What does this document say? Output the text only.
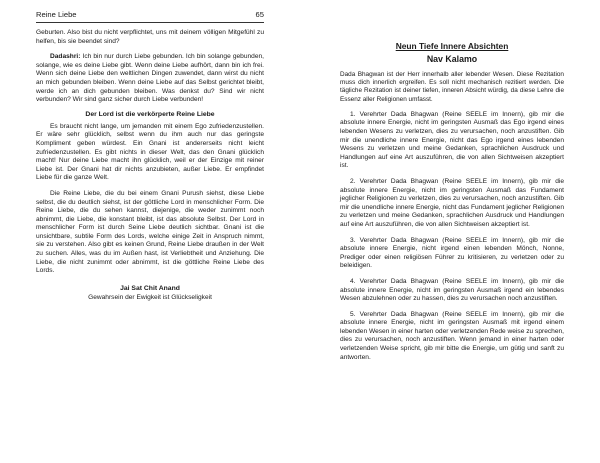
Reine Liebe	65

Geburten. Also bist du nicht verpflichtet, uns mit deinem völligen Mitgefühl zu helfen, bis sie beendet sind?

Dadashri: Ich bin nur durch Liebe gebunden. Ich bin solange gebunden, solange, wie es deine Liebe gibt. Wenn deine Liebe aufhört, dann bin ich frei. Wenn sich deine Liebe den weltlichen Dingen zuwendet, dann wirst du nicht an mich gebunden bleiben. Wenn deine Liebe auf das Selbst gerichtet bleibt, werde ich an dich gebunden bleiben. Was denkst du? Sind wir nicht verbunden? Wir sind ganz sicher durch Liebe verbunden!

Der Lord ist die verkörperte Reine Liebe

Es braucht nicht lange, um jemanden mit einem Ego zufriedenzustellen. Er wäre sehr glücklich, selbst wenn du ihm auch nur das geringste Kompliment geben würdest. Ein Gnani ist andererseits nicht leicht zufriedenzustellen. Es gibt nichts in dieser Welt, das den Gnani glücklich macht! Nur deine Liebe macht ihn glücklich, weil er der Einzige mit reiner Liebe ist. Der Gnani hat dir nichts anzubieten, außer Liebe. Er empfindet Liebe für die ganze Welt.

Die Reine Liebe, die du bei einem Gnani Purush siehst, diese Liebe selbst, die du deutlich siehst, ist der göttliche Lord in menschlicher Form. Die Reine Liebe, die du sehen kannst, diejenige, die weder zunimmt noch abnimmt, die Liebe, die konstant bleibt, ist das absolute Selbst. Der Lord in menschlicher Form ist durch Seine Liebe deutlich sichtbar. Gnani ist die unsichtbare, subtile Form des Lords, welche einige Zeit in Anspruch nimmt, sie zu verstehen. Also gibt es keinen Grund, Reine Liebe draußen in der Welt zu suchen. Alles, was du im Außen hast, ist Verliebtheit und Anziehung. Die Liebe, die nicht zunimmt oder abnimmt, ist die göttliche Reine Liebe des Lords.

Jai Sat Chit Anand
Gewahrsein der Ewigkeit ist Glückseligkeit
Neun Tiefe Innere Absichten
Nav Kalamo

Dada Bhagwan ist der Herr innerhalb aller lebender Wesen. Diese Rezitation muss dich innerlich ergreifen. Es soll nicht mechanisch rezitiert werden. Die tägliche Rezitation ist deiner tiefen, inneren Absicht würdig, da diese Lehre die Essenz aller Religionen umfasst.

1. Verehrter Dada Bhagwan (Reine SEELE im Innern), gib mir die absolute innere Energie, nicht im geringsten Ausmaß das Ego irgend eines lebenden Wesens zu verletzen, dies zu verursachen, noch anzustiften. Gib mir die unendliche innere Energie, nicht das Ego irgend eines lebenden Wesens zu verletzen und meine Gedanken, sprachlichen Ausdruck und Handlungen auf eine Art auszuführen, die von allen Sichtweisen akzeptiert ist.

2. Verehrter Dada Bhagwan (Reine SEELE im Innern), gib mir die absolute innere Energie, nicht im geringsten Ausmaß das Fundament jeglicher Religionen zu verletzen, dies zu verursachen, noch anzustiften. Gib mir die unendliche innere Energie, nicht das Fundament jeglicher Religionen zu verletzen und meine Gedanken, sprachlichen Ausdruck und Handlungen auf eine Art auszuführen, die von allen Sichtweisen akzeptiert ist.

3. Verehrter Dada Bhagwan (Reine SEELE im Innern), gib mir die absolute innere Energie, nicht irgend einen lebenden Mönch, Nonne, Prediger oder einen religiösen Führer zu kritisieren, zu verletzen oder zu beleidigen.

4. Verehrter Dada Bhagwan (Reine SEELE im Innern), gib mir die absolute innere Energie, nicht im geringsten Ausmaß irgend ein lebendes Wesen abzulehnen oder zu hassen, dies zu verursachen noch anzustiften.

5. Verehrter Dada Bhagwan (Reine SEELE im Innern), gib mir die absolute innere Energie, nicht im geringsten Ausmaß mit irgend einem lebenden Wesen in einer harten oder verletzenden Rede weise zu sprechen, dies zu verursachen, noch anzustiften. Wenn jemand in einer harten oder verletzenden Weise spricht, gib mir bitte die Energie, um gütig und sanft zu antworten.
